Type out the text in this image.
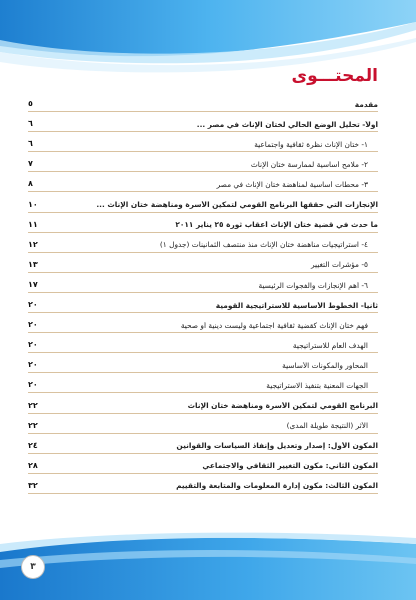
المحتـــوى
مقدمة
٥
أولاً- تحليل الوضع الحالي لختان الإناث في مصر ...
٦
١- ختان الإناث نظرة ثقافية واجتماعية
٦
٢- ملامح أساسية لممارسة ختان الإناث
٧
٣- محطات أساسية لمناهضة ختان الإناث في مصر
٨
الإنجازات التي حققها البرنامج القومي لتمكين الأسرة ومناهضة ختان الإناث ...
١٠
ما حدث في قضية ختان الإناث أعقاب ثورة ٢٥ يناير ٢٠١١
١١
٤- استراتيجيات مناهضة ختان الإناث منذ منتصف الثمانينات (جدول ١)
١٢
٥- مؤشرات التغيير
١٣
٦- أهم الإنجازات والفجوات الرئيسية
١٧
ثانياً- الخطوط الأساسية للاستراتيجية القومية
٢٠
فهم ختان الإناث كقضية ثقافية اجتماعية وليست دينية أو صحية
٢٠
الهدف العام للاستراتيجية
٢٠
المحاور والمكونات الأساسية
٢٠
الجهات المعنية بتنفيذ الاستراتيجية
٢٠
البرنامج القومي لتمكين الأسرة ومناهضة ختان الإناث
٢٢
الأثر (النتيجة طويلة المدى)
٢٢
المكون الأول: إصدار وتعديل وإنفاذ السياسات والقوانين
٢٤
المكون الثاني: مكون التغيير الثقافي والاجتماعي
٢٨
المكون الثالث: مكون إدارة المعلومات والمتابعة والتقييم
٣٢
٣
